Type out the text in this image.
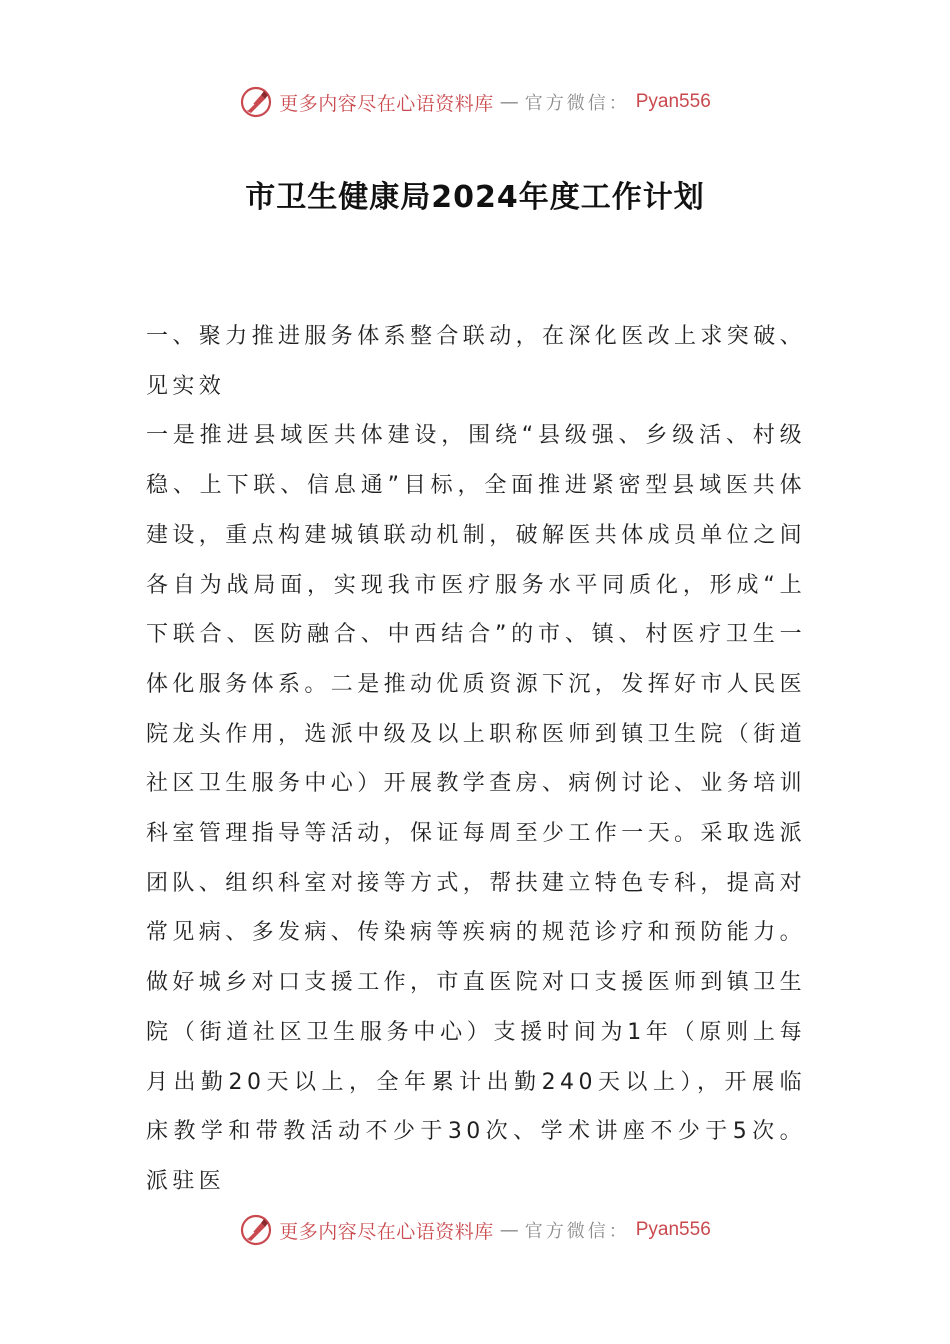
更多内容尽在心语资料库 — 官方微信： Pyan556
市卫生健康局2024年度工作计划

一、聚力推进服务体系整合联动，在深化医改上求突破、见实效

一是推进县域医共体建设，围绕“县级强、乡级活、村级稳、上下联、信息通”目标，全面推进紧密型县域医共体建设，重点构建城镇联动机制，破解医共体成员单位之间各自为战局面，实现我市医疗服务水平同质化，形成“上下联合、医防融合、中西结合”的市、镇、村医疗卫生一体化服务体系。二是推动优质资源下沉，发挥好市人民医院龙头作用，选派中级及以上职称医师到镇卫生院（街道社区卫生服务中心）开展教学查房、病例讨论、业务培训科室管理指导等活动，保证每周至少工作一天。采取选派团队、组织科室对接等方式，帮扶建立特色专科，提高对常见病、多发病、传染病等疾病的规范诊疗和预防能力。做好城乡对口支援工作，市直医院对口支援医师到镇卫生院（街道社区卫生服务中心）支援时间为1年（原则上每月出勤20天以上，全年累计出勤240天以上），开展临床教学和带教活动不少于30次、学术讲座不少于5次。派驻医

更多内容尽在心语资料库 — 官方微信： Pyan556
